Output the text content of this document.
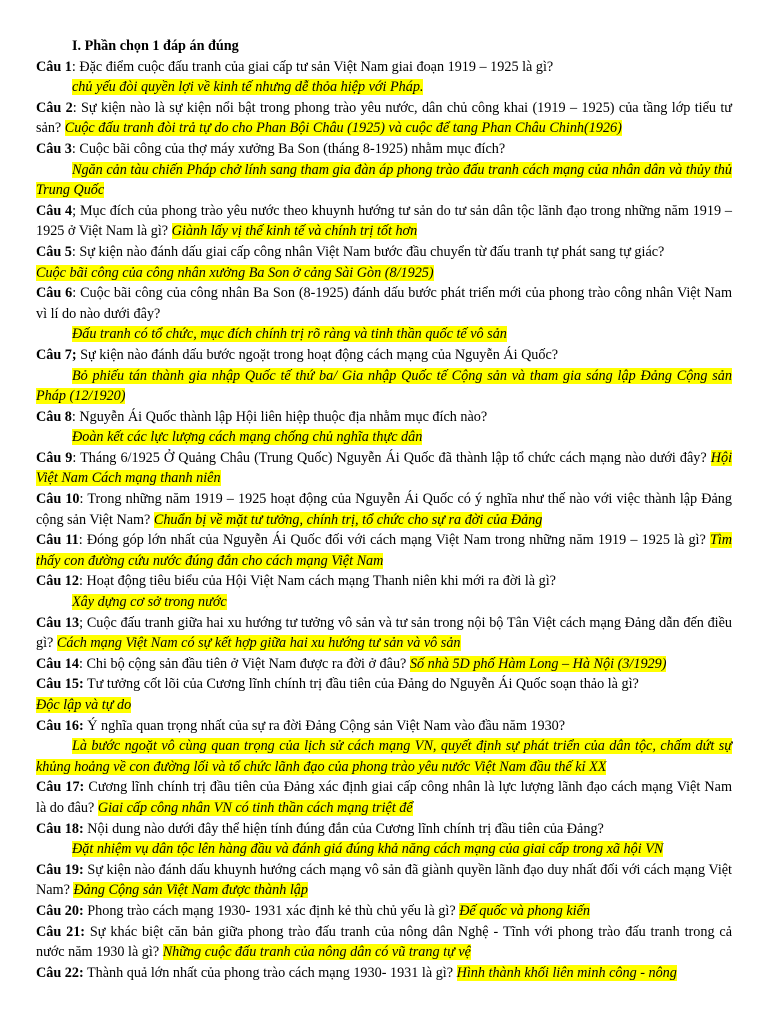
I. Phần chọn 1 đáp án đúng

Câu 1: Đặc điểm cuộc đấu tranh của giai cấp tư sản Việt Nam giai đoạn 1919 – 1925 là gì?

chủ yếu đòi quyền lợi về kinh tế nhưng dễ thỏa hiệp với Pháp.

Câu 2: Sự kiện nào là sự kiện nổi bật trong phong trào yêu nước, dân chủ công khai (1919 – 1925) của tầng lớp tiểu tư sản? Cuộc đấu tranh đòi trả tự do cho Phan Bội Châu (1925) và cuộc để tang Phan Châu Chinh(1926)

Câu 3: Cuộc bãi công của thợ máy xưởng Ba Son (tháng 8-1925) nhằm mục đích?

Ngăn cản tàu chiến Pháp chở lính sang tham gia đàn áp phong trào đấu tranh cách mạng của nhân dân và thủy thủ Trung Quốc

Câu 4; Mục đích của phong trào yêu nước theo khuynh hướng tư sản do tư sản dân tộc lãnh đạo trong những năm 1919 – 1925 ở Việt Nam là gì? Giành lấy vị thế kinh tế và chính trị tốt hơn

Câu 5: Sự kiện nào đánh dấu giai cấp công nhân Việt Nam bước đầu chuyển từ đấu tranh tự phát sang tự giác?

Cuộc bãi công của công nhân xưởng Ba Son ở cảng Sài Gòn (8/1925)

Câu 6: Cuộc bãi công của công nhân Ba Son (8-1925) đánh dấu bước phát triển mới của phong trào công nhân Việt Nam vì lí do nào dưới đây?

Đấu tranh có tổ chức, mục đích chính trị rõ ràng và tinh thần quốc tế vô sản

Câu 7; Sự kiện nào đánh dấu bước ngoặt trong hoạt động cách mạng của Nguyễn Ái Quốc?

Bỏ phiếu tán thành gia nhập Quốc tế thứ ba/ Gia nhập Quốc tế Cộng sản và tham gia sáng lập Đảng Cộng sản Pháp (12/1920)

Câu 8: Nguyễn Ái Quốc thành lập Hội liên hiệp thuộc địa nhằm mục đích nào?

Đoàn kết các lực lượng cách mạng chống chủ nghĩa thực dân

Câu 9: Tháng 6/1925 Ở Quảng Châu (Trung Quốc) Nguyễn Ái Quốc đã thành lập tổ chức cách mạng nào dưới đây? Hội Việt Nam Cách mạng thanh niên

Câu 10: Trong những năm 1919 – 1925 hoạt động của Nguyễn Ái Quốc có ý nghĩa như thế nào với việc thành lập Đảng cộng sản Việt Nam? Chuẩn bị về mặt tư tưởng, chính trị, tổ chức cho sự ra đời của Đảng

Câu 11: Đóng góp lớn nhất của Nguyễn Ái Quốc đối với cách mạng Việt Nam trong những năm 1919 – 1925 là gì? Tìm thấy con đường cứu nước đúng đắn cho cách mạng Việt Nam

Câu 12: Hoạt động tiêu biểu của Hội Việt Nam cách mạng Thanh niên khi mới ra đời là gì?

Xây dựng cơ sở trong nước

Câu 13; Cuộc đấu tranh giữa hai xu hướng tư tưởng vô sản và tư sản trong nội bộ Tân Việt cách mạng Đảng dẫn đến điều gì? Cách mạng Việt Nam có sự kết hợp giữa hai xu hướng tư sản và vô sản

Câu 14: Chi bộ cộng sản đầu tiên ở Việt Nam được ra đời ở đâu? Số nhà 5D phố Hàm Long – Hà Nội (3/1929)

Câu 15: Tư tưởng cốt lõi của Cương lĩnh chính trị đầu tiên của Đảng do Nguyễn Ái Quốc soạn thảo là gì?

Độc lập và tự do

Câu 16: Ý nghĩa quan trọng nhất của sự ra đời Đảng Cộng sản Việt Nam vào đầu năm 1930?

Là bước ngoặt vô cùng quan trọng của lịch sử cách mạng VN, quyết định sự phát triển của dân tộc, chấm dứt sự khủng hoảng về con đường lối và tổ chức lãnh đạo của phong trào yêu nước Việt Nam đầu thế kỉ XX

Câu 17: Cương lĩnh chính trị đầu tiên của Đảng xác định giai cấp công nhân là lực lượng lãnh đạo cách mạng Việt Nam là do đâu? Giai cấp công nhân VN có tinh thần cách mạng triệt để

Câu 18: Nội dung nào dưới đây thể hiện tính đúng đắn của Cương lĩnh chính trị đầu tiên của Đảng?

Đặt nhiệm vụ dân tộc lên hàng đầu và đánh giá đúng khả năng cách mạng của giai cấp trong xã hội VN

Câu 19: Sự kiện nào đánh dấu khuynh hướng cách mạng vô sản đã giành quyền lãnh đạo duy nhất đối với cách mạng Việt Nam? Đảng Cộng sản Việt Nam được thành lập

Câu 20: Phong trào cách mạng 1930- 1931 xác định kẻ thù chủ yếu là gì? Đế quốc và phong kiến

Câu 21: Sự khác biệt căn bản giữa phong trào đấu tranh của nông dân Nghệ - Tĩnh với phong trào đấu tranh trong cả nước năm 1930 là gì? Những cuộc đấu tranh của nông dân có vũ trang tự vệ

Câu 22: Thành quả lớn nhất của phong trào cách mạng 1930- 1931 là gì? Hình thành khối liên minh công - nông
